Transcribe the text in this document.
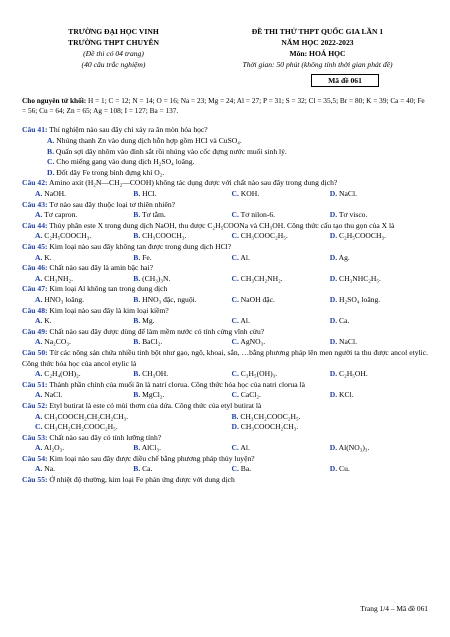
TRƯỜNG ĐẠI HỌC VINH
TRƯỜNG THPT CHUYÊN
(Đề thi có 04 trang)
(40 câu trắc nghiệm)
ĐỀ THI THỬ THPT QUỐC GIA LẦN 1
NĂM HỌC 2022-2023
Môn: HOÁ HỌC
Thời gian: 50 phút (không tính thời gian phát đề)
Mã đề 061
Cho nguyên tử khối: H = 1; C = 12; N = 14; O = 16; Na = 23; Mg = 24; Al = 27; P = 31; S = 32; Cl = 35,5; Br = 80; K = 39; Ca = 40; Fe = 56; Cu = 64; Zn = 65; Ag = 108; I = 127; Ba = 137.
Câu 41: Thí nghiệm nào sau đây chỉ xảy ra ăn mòn hóa học?
A. Nhúng thanh Zn vào dung dịch hỗn hợp gồm HCl và CuSO₄.
B. Quấn sợi dây nhôm vào đinh sắt rồi nhúng vào cốc đựng nước muối sinh lý.
C. Cho miếng gang vào dung dịch H₂SO₄ loãng.
D. Đốt dây Fe trong bình đựng khí O₂.
Câu 42: Amino axit (H₂N—CH₂—COOH) không tác dụng được với chất nào sau đây trong dung dịch?
A. NaOH.	B. HCl.	C. KOH.	D. NaCl.
Câu 43: Tơ nào sau đây thuộc loại tơ thiên nhiên?
A. Tơ capron.	B. Tơ tằm.	C. Tơ nilon-6.	D. Tơ visco.
Câu 44: Thủy phân este X trong dung dịch NaOH, thu được C₂H₅COONa và CH₃OH. Công thức cấu tạo thu gọn của X là
A. C₂H₅COOCH₃.	B. CH₃COOCH₃.	C. CH₃COOC₂H₅.	D. C₂H₅COOCH₃.
Câu 45: Kim loại nào sau đây không tan được trong dung dịch HCl?
A. K.	B. Fe.	C. Al.	D. Ag.
Câu 46: Chất nào sau đây là amin bậc hai?
A. CH₃NH₂.	B. (CH₃)₃N.	C. CH₃CH₂NH₂.	D. CH₃NHC₂H₅.
Câu 47: Kim loại Al không tan trong dung dịch
A. HNO₃ loãng.	B. HNO₃ đặc, nguội.	C. NaOH đặc.	D. H₂SO₄ loãng.
Câu 48: Kim loại nào sau đây là kim loại kiềm?
A. K.	B. Mg.	C. Al.	D. Ca.
Câu 49: Chất nào sau đây được dùng để làm mềm nước có tính cứng vĩnh cửu?
A. Na₂CO₃.	B. BaCl₂.	C. AgNO₃.	D. NaCl.
Câu 50: Từ các nông sản chứa nhiều tinh bột như gạo, ngô, khoai, sắn, …bằng phương pháp lên men người ta thu được ancol etylic. Công thức hóa học của ancol etylic là
A. C₂H₄(OH)₂.	B. CH₃OH.	C. C₃H₅(OH)₃.	D. C₂H₅OH.
Câu 51: Thành phần chính của muối ăn là natri clorua. Công thức hóa học của natri clorua là
A. NaCl.	B. MgCl₂.	C. CaCl₂.	D. KCl.
Câu 52: Etyl butirat là este có mùi thơm của dứa. Công thức của etyl butirat là
A. CH₃COOCH₂CH₂CH₂CH₃.	B. CH₃CH₂COOC₂H₅.
C. CH₃CH₂CH₂COOC₂H₅.	D. CH₃COOCH₂CH₃.
Câu 53: Chất nào sau đây có tính lưỡng tính?
A. Al₂O₃.	B. AlCl₃.	C. Al.	D. Al(NO₃)₃.
Câu 54: Kim loại nào sau đây được điều chế bằng phương pháp thủy luyện?
A. Na.	B. Ca.	C. Ba.	D. Cu.
Câu 55: Ở nhiệt độ thường, kim loại Fe phản ứng được với dung dịch
Trang 1/4 – Mã đề 061
